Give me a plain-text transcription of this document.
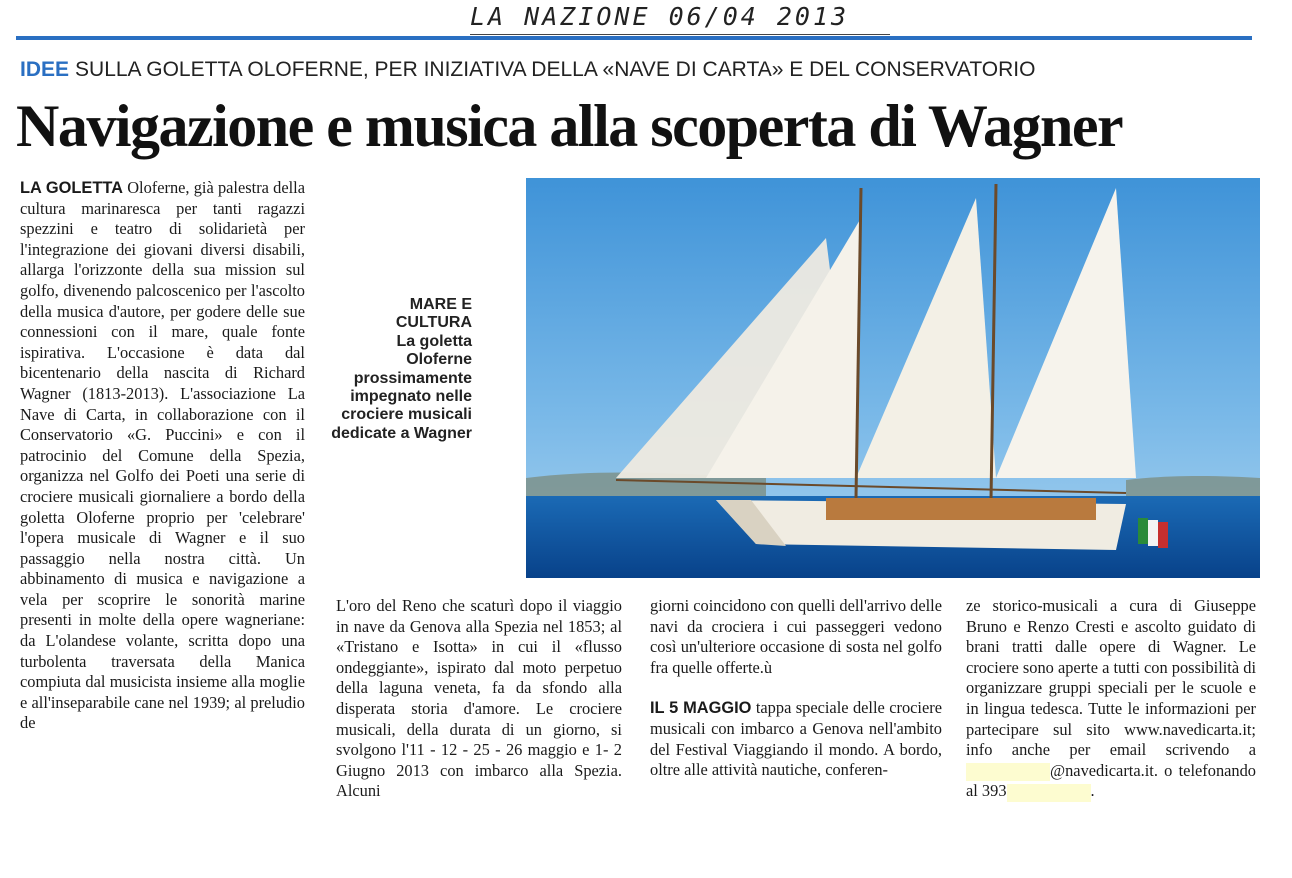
LA NAZIONE 06/04 2013
IDEE SULLA GOLETTA OLOFERNE, PER INIZIATIVA DELLA «NAVE DI CARTA» E DEL CONSERVATORIO
Navigazione e musica alla scoperta di Wagner

LA GOLETTA Oloferne, già palestra della cultura marinaresca per tanti ragazzi spezzini e teatro di solidarietà per l'integrazione dei giovani diversi disabili, allarga l'orizzonte della sua mission sul golfo, divenendo palcoscenico per l'ascolto della musica d'autore, per godere delle sue connessioni con il mare, quale fonte ispirativa. L'occasione è data dal bicentenario della nascita di Richard Wagner (1813-2013). L'associazione La Nave di Carta, in collaborazione con il Conservatorio «G. Puccini» e con il patrocinio del Comune della Spezia, organizza nel Golfo dei Poeti una serie di crociere musicali giornaliere a bordo della goletta Oloferne proprio per 'celebrare' l'opera musicale di Wagner e il suo passaggio nella nostra città. Un abbinamento di musica e navigazione a vela per scoprire le sonorità marine presenti in molte della opere wagneriane: da L'olandese volante, scritta dopo una turbolenta traversata della Manica compiuta dal musicista insieme alla moglie e all'inseparabile cane nel 1939; al preludio de

MARE E CULTURA
La goletta Oloferne prossimamente impegnato nelle crociere musicali dedicate a Wagner

L'oro del Reno che scaturì dopo il viaggio in nave da Genova alla Spezia nel 1853; al «Tristano e Isotta» in cui il «flusso ondeggiante», ispirato dal moto perpetuo della laguna veneta, fa da sfondo alla disperata storia d'amore. Le crociere musicali, della durata di un giorno, si svolgono l'11 - 12 - 25 - 26 maggio e 1- 2 Giugno 2013 con imbarco alla Spezia. Alcuni

giorni coincidono con quelli dell'arrivo delle navi da crociera i cui passeggeri vedono così un'ulteriore occasione di sosta nel golfo fra quelle offerte.ù

IL 5 MAGGIO tappa speciale delle crociere musicali con imbarco a Genova nell'ambito del Festival Viaggiando il mondo. A bordo, oltre alle attività nautiche, conferen-

ze storico-musicali a cura di Giuseppe Bruno e Renzo Cresti e ascolto guidato di brani tratti dalle opere di Wagner. Le crociere sono aperte a tutti con possibilità di organizzare gruppi speciali per le scuole e in lingua tedesca. Tutte le informazioni per partecipare sul sito www.navedicarta.it; info anche per email scrivendo a @navedicarta.it. o telefonando al 393	.
